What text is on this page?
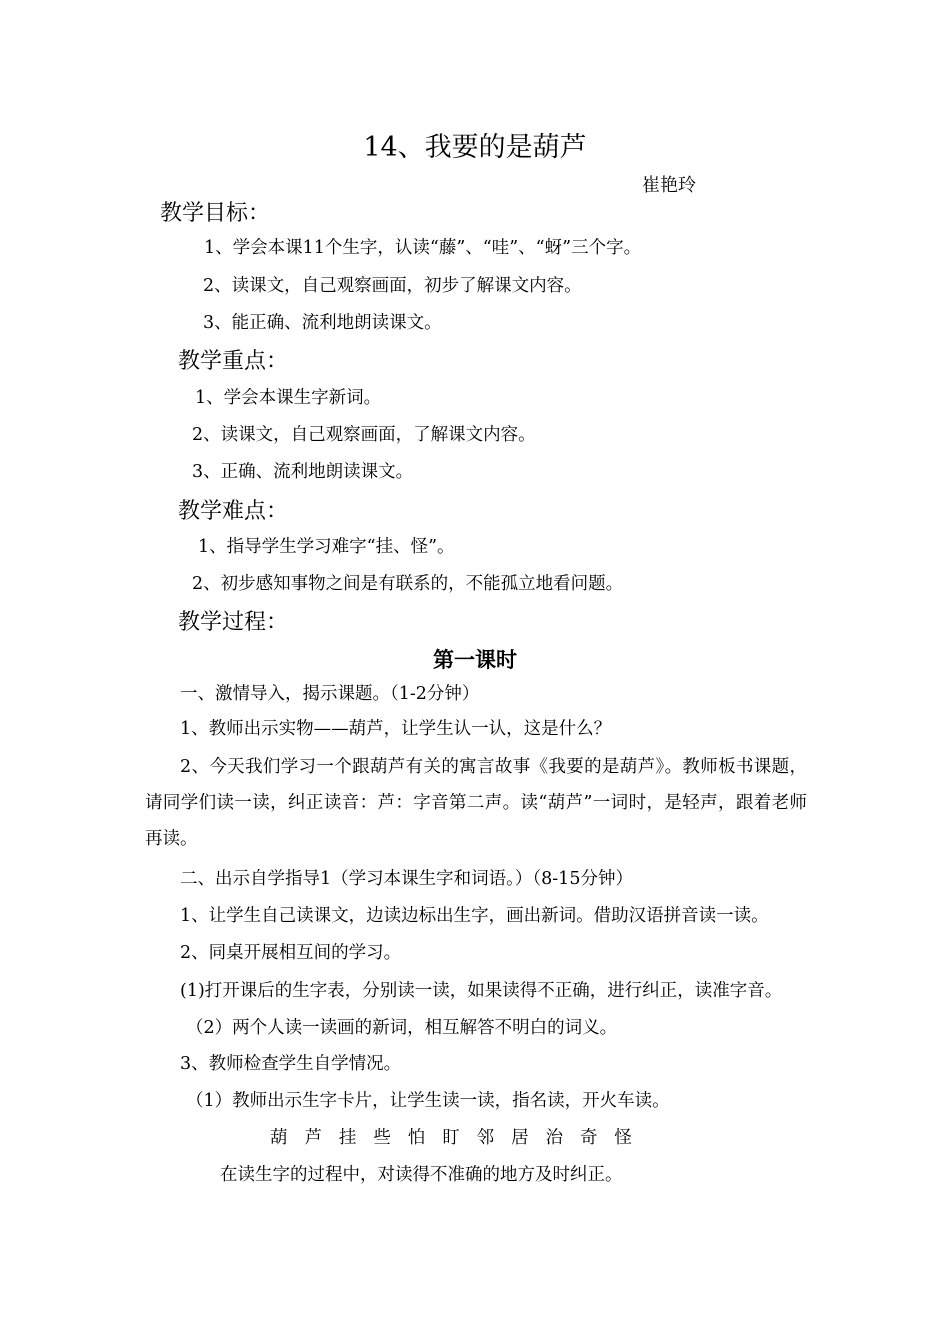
14、我要的是葫芦
崔艳玲
教学目标：
1、学会本课11个生字，认读“藤”、“哇”、“蚜”三个字。
2、读课文，自己观察画面，初步了解课文内容。
3、能正确、流利地朗读课文。
教学重点：
1、学会本课生字新词。
2、读课文，自己观察画面，了解课文内容。
3、正确、流利地朗读课文。
教学难点：
1、指导学生学习难字“挂、怪”。
2、初步感知事物之间是有联系的，不能孤立地看问题。
教学过程：
第一课时
一、激情导入，揭示课题。（1-2分钟）
1、教师出示实物——葫芦，让学生认一认，这是什么？
2、今天我们学习一个跟葫芦有关的寓言故事《我要的是葫芦》。教师板书课题，请同学们读一读，纠正读音：芦：字音第二声。读“葫芦”一词时，是轻声，跟着老师再读。
二、出示自学指导1（学习本课生字和词语。）（8-15分钟）
1、让学生自己读课文，边读边标出生字，画出新词。借助汉语拼音读一读。
2、同桌开展相互间的学习。
(1)打开课后的生字表，分别读一读，如果读得不正确，进行纠正，读准字音。
（2）两个人读一读画的新词，相互解答不明白的词义。
3、教师检查学生自学情况。
（1）教师出示生字卡片，让学生读一读，指名读，开火车读。
葫 芦 挂 些 怕 盯 邻 居 治 奇 怪
在读生字的过程中，对读得不准确的地方及时纠正。
